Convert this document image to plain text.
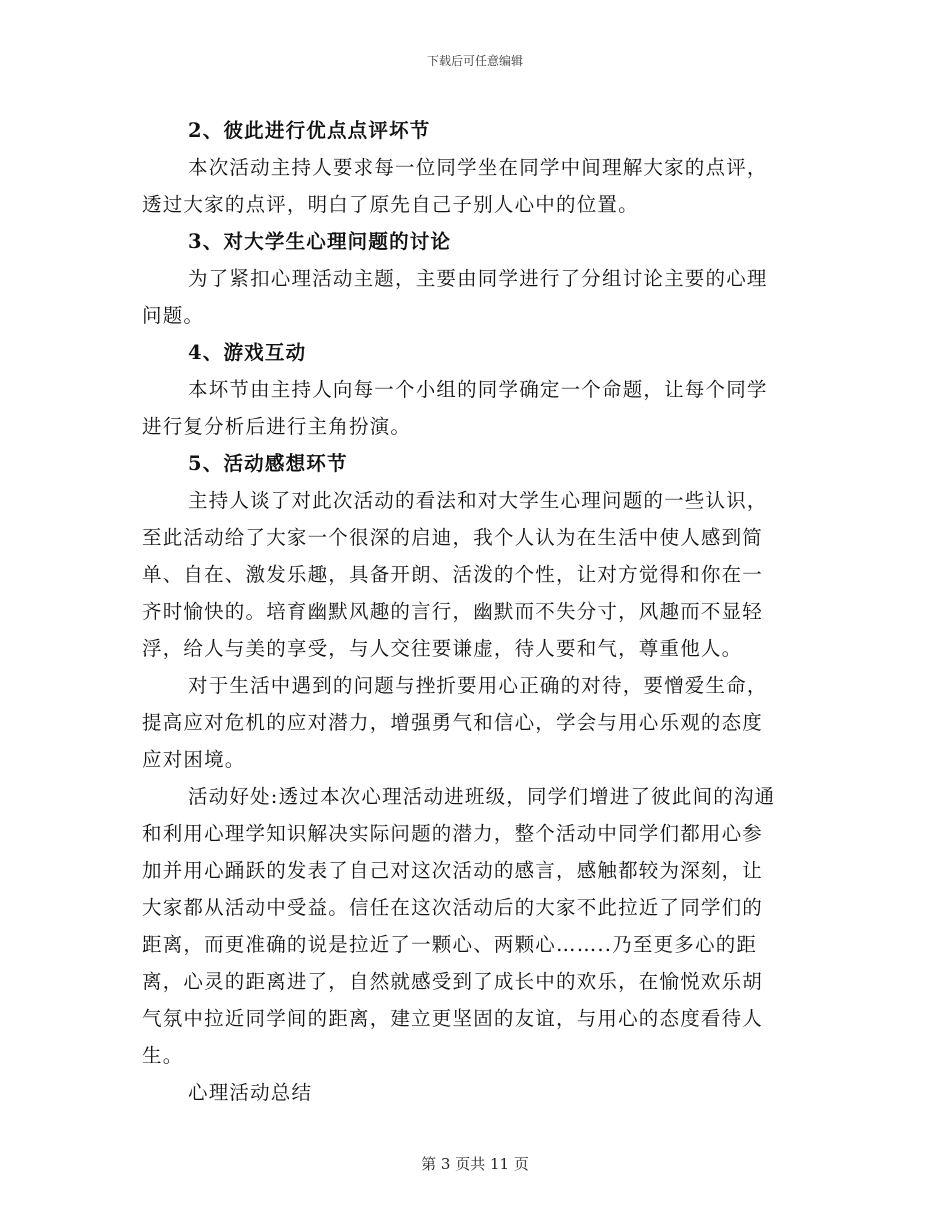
下载后可任意编辑
2、彼此进行优点点评坏节
本次活动主持人要求每一位同学坐在同学中间理解大家的点评，
透过大家的点评，明白了原先自己子别人心中的位置。
3、对大学生心理问题的讨论
为了紧扣心理活动主题，主要由同学进行了分组讨论主要的心理
问题。
4、游戏互动
本坏节由主持人向每一个小组的同学确定一个命题，让每个同学
进行复分析后进行主角扮演。
5、活动感想环节
主持人谈了对此次活动的看法和对大学生心理问题的一些认识，
至此活动给了大家一个很深的启迪，我个人认为在生活中使人感到简
单、自在、激发乐趣，具备开朗、活泼的个性，让对方觉得和你在一
齐时愉快的。培育幽默风趣的言行，幽默而不失分寸，风趣而不显轻
浮，给人与美的享受，与人交往要谦虚，待人要和气，尊重他人。
对于生活中遇到的问题与挫折要用心正确的对待，要憎爱生命，
提高应对危机的应对潜力，增强勇气和信心，学会与用心乐观的态度
应对困境。
活动好处:透过本次心理活动进班级，同学们增进了彼此间的沟通
和利用心理学知识解决实际问题的潜力，整个活动中同学们都用心参
加并用心踊跃的发表了自己对这次活动的感言，感触都较为深刻，让
大家都从活动中受益。信任在这次活动后的大家不此拉近了同学们的
距离，而更准确的说是拉近了一颗心、两颗心……..乃至更多心的距
离，心灵的距离进了，自然就感受到了成长中的欢乐，在愉悦欢乐胡
气氛中拉近同学间的距离，建立更坚固的友谊，与用心的态度看待人
生。
心理活动总结
第 3 页共 11 页
